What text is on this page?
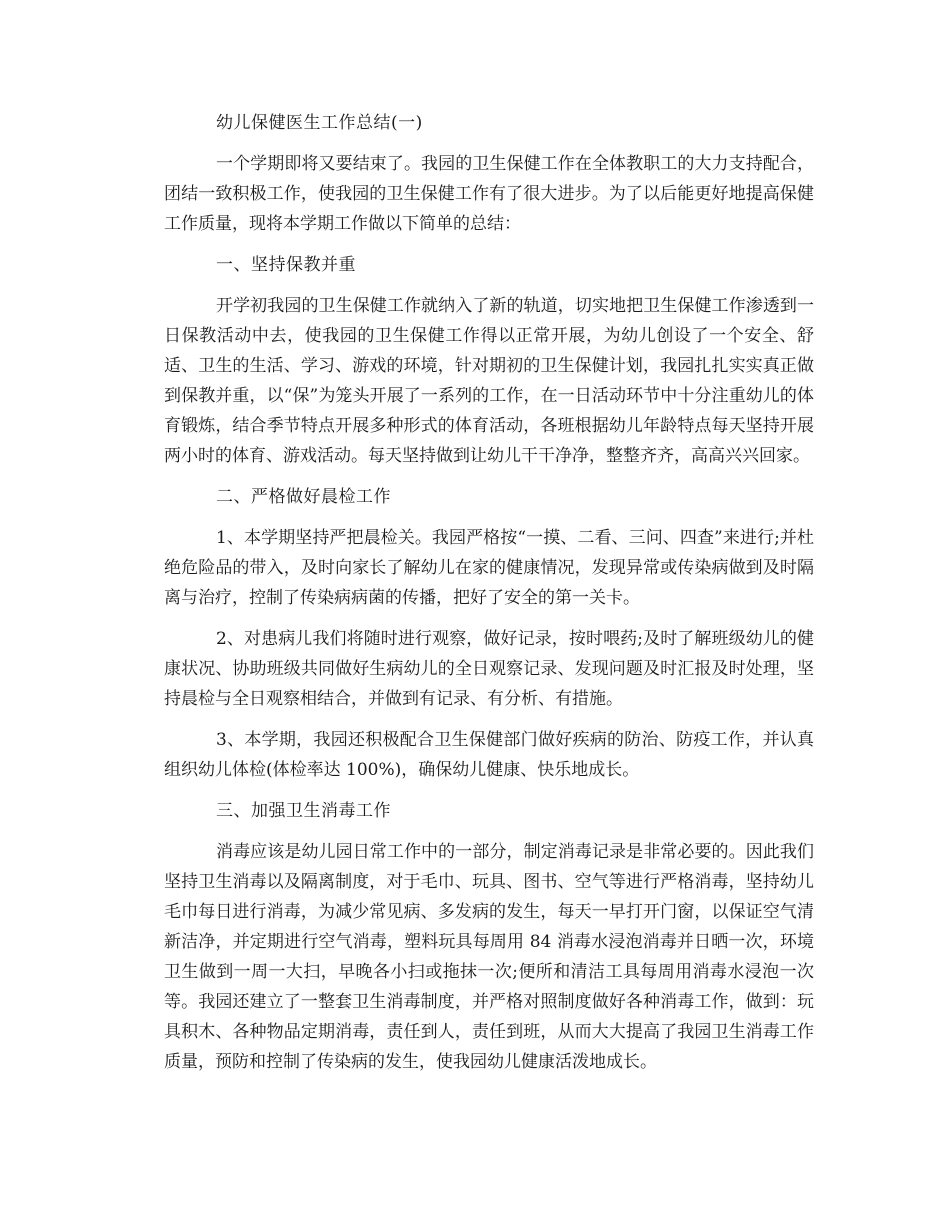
幼儿保健医生工作总结(一)

一个学期即将又要结束了。我园的卫生保健工作在全体教职工的大力支持配合，团结一致积极工作，使我园的卫生保健工作有了很大进步。为了以后能更好地提高保健工作质量，现将本学期工作做以下简单的总结：

一、坚持保教并重

开学初我园的卫生保健工作就纳入了新的轨道，切实地把卫生保健工作渗透到一日保教活动中去，使我园的卫生保健工作得以正常开展，为幼儿创设了一个安全、舒适、卫生的生活、学习、游戏的环境，针对期初的卫生保健计划，我园扎扎实实真正做到保教并重，以“保”为笼头开展了一系列的工作，在一日活动环节中十分注重幼儿的体育锻炼，结合季节特点开展多种形式的体育活动，各班根据幼儿年龄特点每天坚持开展两小时的体育、游戏活动。每天坚持做到让幼儿干干净净，整整齐齐，高高兴兴回家。

二、严格做好晨检工作

1、本学期坚持严把晨检关。我园严格按“一摸、二看、三问、四查”来进行;并杜绝危险品的带入，及时向家长了解幼儿在家的健康情况，发现异常或传染病做到及时隔离与治疗，控制了传染病病菌的传播，把好了安全的第一关卡。

2、对患病儿我们将随时进行观察，做好记录，按时喂药;及时了解班级幼儿的健康状况、协助班级共同做好生病幼儿的全日观察记录、发现问题及时汇报及时处理，坚持晨检与全日观察相结合，并做到有记录、有分析、有措施。

3、本学期，我园还积极配合卫生保健部门做好疾病的防治、防疫工作，并认真组织幼儿体检(体检率达 100%)，确保幼儿健康、快乐地成长。

三、加强卫生消毒工作

消毒应该是幼儿园日常工作中的一部分，制定消毒记录是非常必要的。因此我们坚持卫生消毒以及隔离制度，对于毛巾、玩具、图书、空气等进行严格消毒，坚持幼儿毛巾每日进行消毒，为减少常见病、多发病的发生，每天一早打开门窗，以保证空气清新洁净，并定期进行空气消毒，塑料玩具每周用 84 消毒水浸泡消毒并日晒一次，环境卫生做到一周一大扫，早晚各小扫或拖抹一次;便所和清洁工具每周用消毒水浸泡一次等。我园还建立了一整套卫生消毒制度，并严格对照制度做好各种消毒工作，做到：玩具积木、各种物品定期消毒，责任到人，责任到班，从而大大提高了我园卫生消毒工作质量，预防和控制了传染病的发生，使我园幼儿健康活泼地成长。
